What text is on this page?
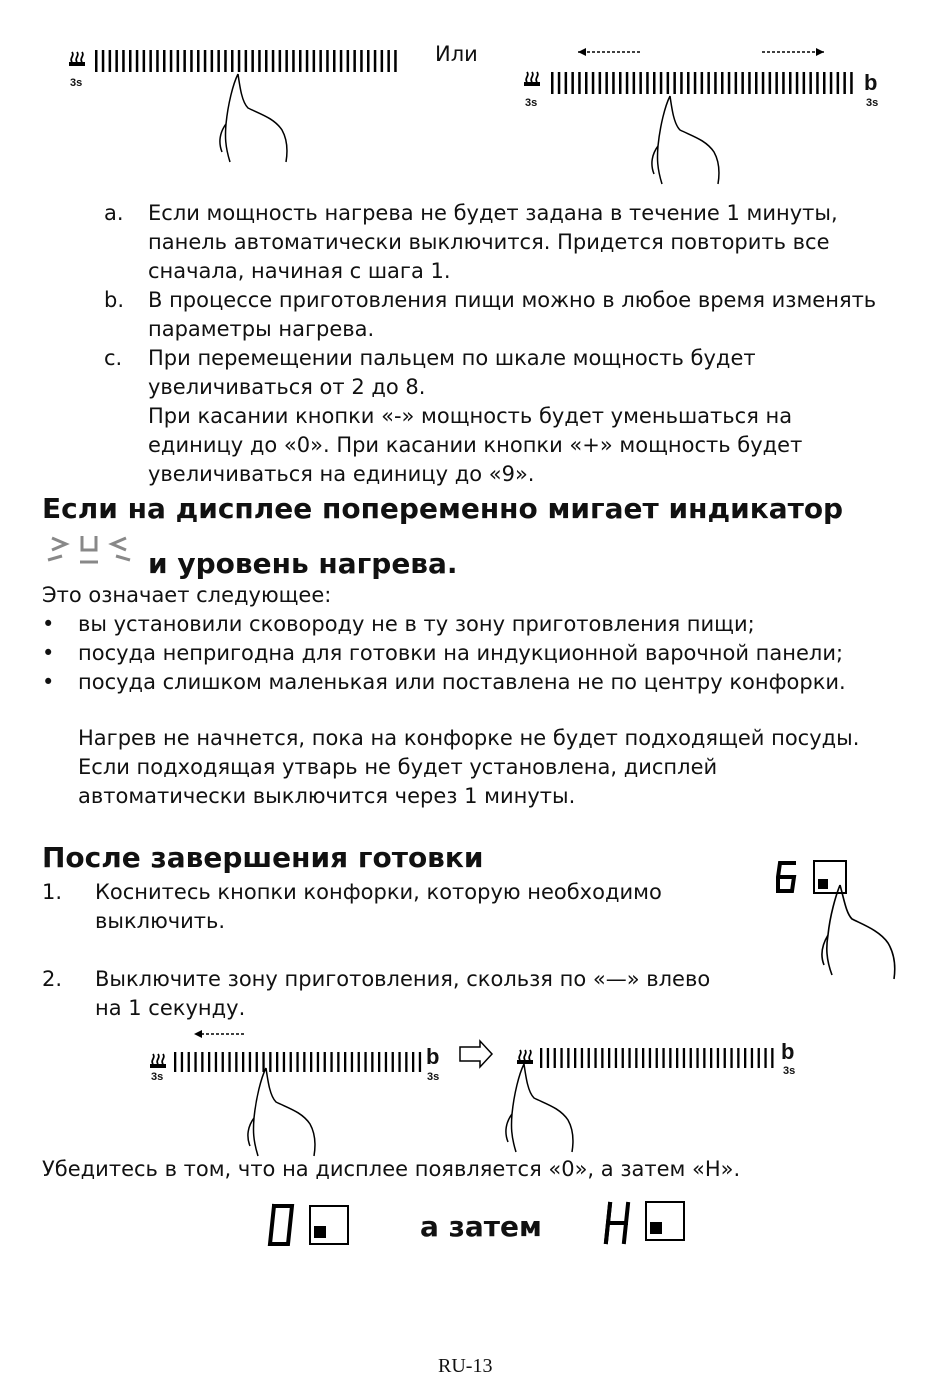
Или
3s
3s	3s
b
a. Если мощность нагрева не будет задана в течение 1 минуты,
панель автоматически выключится. Придется повторить все
сначала, начиная с шага 1.
b. В процессе приготовления пищи можно в любое время изменять
параметры нагрева.
c. При перемещении пальцем по шкале мощность будет
увеличиваться от 2 до 8.
При касании кнопки «-» мощность будет уменьшаться на
единицу до «0». При касании кнопки «+» мощность будет
увеличиваться на единицу до «9».
Если на дисплее попеременно мигает индикатор
и уровень нагрева.
Это означает следующее:
• вы установили сковороду не в ту зону приготовления пищи;
• посуда непригодна для готовки на индукционной варочной панели;
• посуда слишком маленькая или поставлена не по центру конфорки.
Нагрев не начнется, пока на конфорке не будет подходящей посуды.
Если подходящая утварь не будет установлена, дисплей
автоматически выключится через 1 минуты.
После завершения готовки
1. Коснитесь кнопки конфорки, которую необходимо
выключить.
2. Выключите зону приготовления, скользя по «—» влево
на 1 секунду.
3s	3s	3s
b	b
Убедитесь в том, что на дисплее появляется «0», а затем «H».
а затем
RU-13
